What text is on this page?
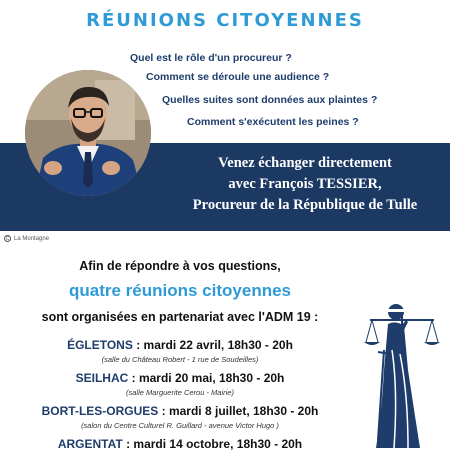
RÉUNIONS CITOYENNES
Quel est le rôle d'un procureur ?
Comment se déroule une audience ?
Quelles suites sont données aux plaintes ?
Comment s'exécutent les peines ?
Venez échanger directement
avec François TESSIER,
Procureur de la République de Tulle
C La Montagne
Afin de répondre à vos questions,
quatre réunions citoyennes
sont organisées en partenariat avec l'ADM 19 :
ÉGLETONS : mardi 22 avril, 18h30 - 20h
(salle du Château Robert - 1 rue de Soudeilles)
SEILHAC : mardi 20 mai, 18h30 - 20h
(salle Marguerite Cerou - Mairie)
BORT-LES-ORGUES : mardi 8 juillet, 18h30 - 20h
(salon du Centre Culturel R. Guillard - avenue Victor Hugo )
ARGENTAT : mardi 14 octobre, 18h30 - 20h
